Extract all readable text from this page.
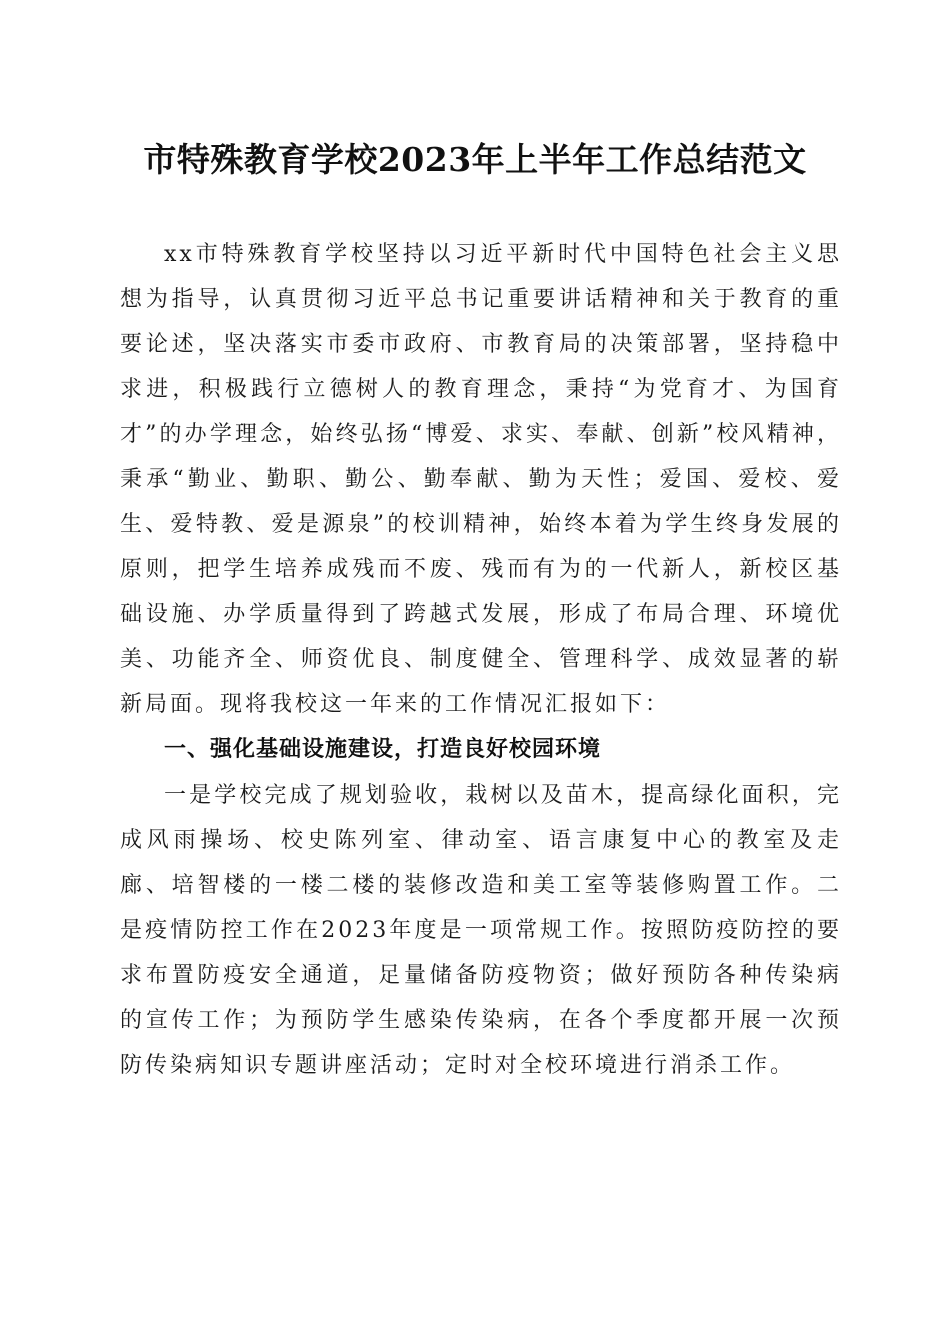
市特殊教育学校2023年上半年工作总结范文

xx市特殊教育学校坚持以习近平新时代中国特色社会主义思想为指导，认真贯彻习近平总书记重要讲话精神和关于教育的重要论述，坚决落实市委市政府、市教育局的决策部署，坚持稳中求进，积极践行立德树人的教育理念，秉持“为党育才、为国育才”的办学理念，始终弘扬“博爱、求实、奉献、创新”校风精神，秉承“勤业、勤职、勤公、勤奉献、勤为天性；爱国、爱校、爱生、爱特教、爱是源泉”的校训精神，始终本着为学生终身发展的原则，把学生培养成残而不废、残而有为的一代新人，新校区基础设施、办学质量得到了跨越式发展，形成了布局合理、环境优美、功能齐全、师资优良、制度健全、管理科学、成效显著的崭新局面。现将我校这一年来的工作情况汇报如下：

一、强化基础设施建设，打造良好校园环境

一是学校完成了规划验收，栽树以及苗木，提高绿化面积，完成风雨操场、校史陈列室、律动室、语言康复中心的教室及走廊、培智楼的一楼二楼的装修改造和美工室等装修购置工作。二是疫情防控工作在2023年度是一项常规工作。按照防疫防控的要求布置防疫安全通道，足量储备防疫物资；做好预防各种传染病的宣传工作；为预防学生感染传染病，在各个季度都开展一次预防传染病知识专题讲座活动；定时对全校环境进行消杀工作。
